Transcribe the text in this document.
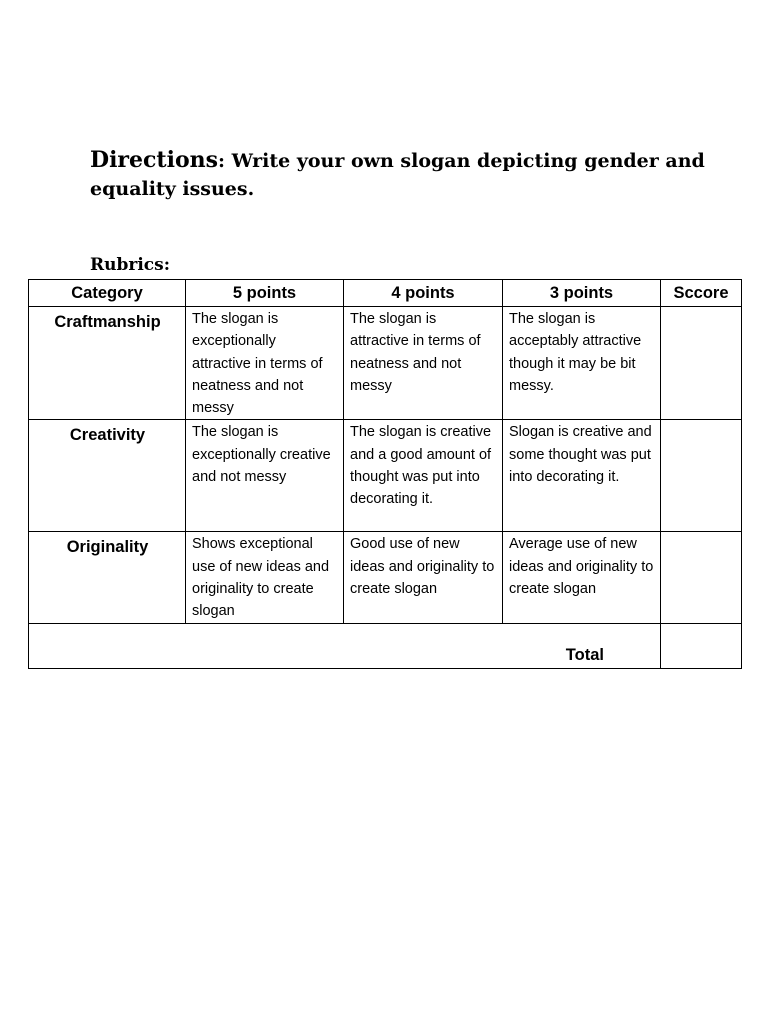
Directions: Write your own slogan depicting gender and equality issues.

Rubrics:

Category	5 points	4 points	3 points	Sccore
Craftmanship	The slogan is exceptionally attractive in terms of neatness and not messy	The slogan is attractive in terms of neatness and not messy	The slogan is acceptably attractive though it may be bit messy.	
Creativity	The slogan is exceptionally creative and not messy	The slogan is creative and a good amount of thought was put into decorating it.	Slogan is creative and some thought was put into decorating it.	
Originality	Shows exceptional use of new ideas and originality to create slogan	Good use of new ideas and originality to create slogan	Average use of new ideas and originality to create slogan	
Total				
